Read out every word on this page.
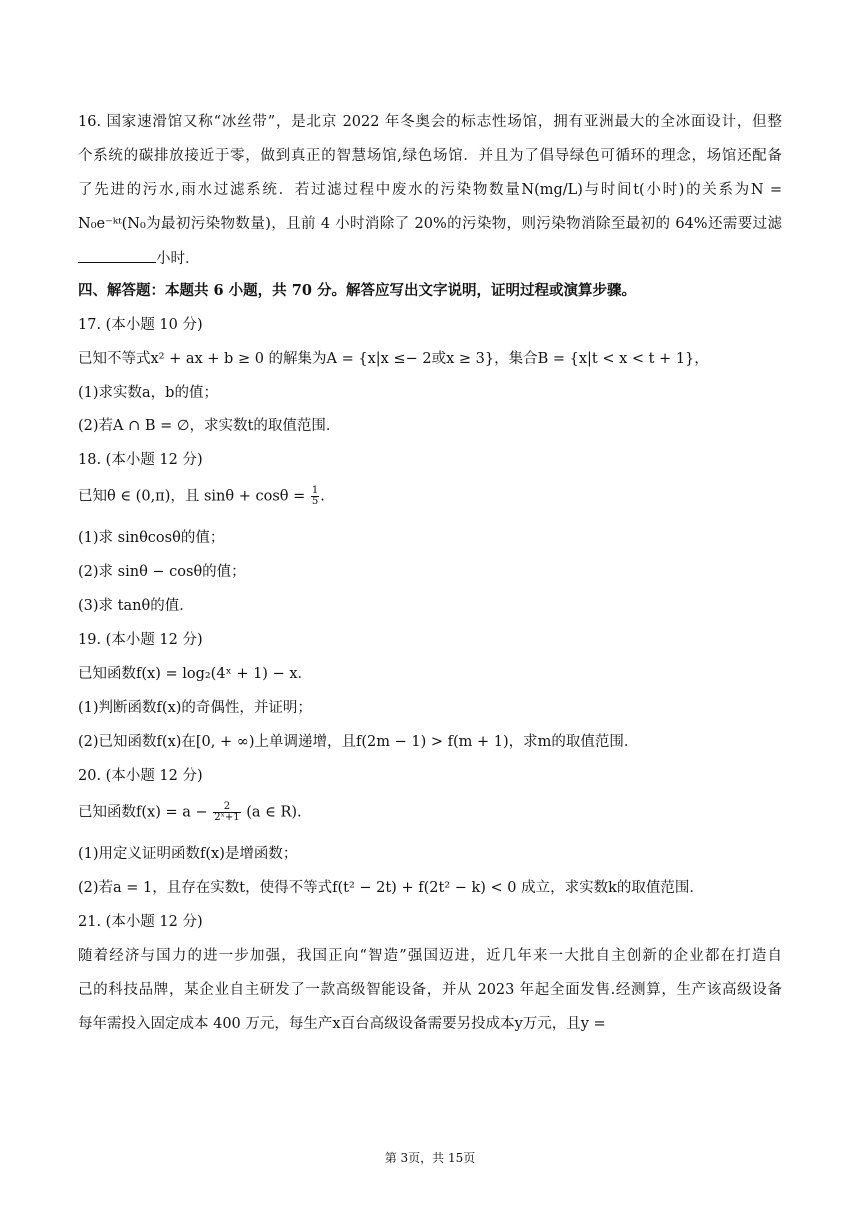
16. 国家速滑馆又称“冰丝带”，是北京 2022 年冬奥会的标志性场馆，拥有亚洲最大的全冰面设计，但整
个系统的碳排放接近于零，做到真正的智慧场馆,绿色场馆．并且为了倡导绿色可循环的理念，场馆还配备
了先进的污水,雨水过滤系统．若过滤过程中废水的污染物数量N(mg/L)与时间t(小时)的关系为N =
N₀e⁻ᵏᵗ(N₀为最初污染物数量)，且前 4 小时消除了 20%的污染物，则污染物消除至最初的 64%还需要过滤
小时．
四、解答题：本题共 6 小题，共 70 分。解答应写出文字说明，证明过程或演算步骤。
17. (本小题 10 分)
已知不等式x² + ax + b ≥ 0 的解集为A = {x|x ≤− 2或x ≥ 3}，集合B = {x|t < x < t + 1}，
(1)求实数a，b的值；
(2)若A ∩ B = ∅，求实数t的取值范围．
18. (本小题 12 分)
已知θ ∈ (0,π)，且 $\sin\theta + \cos\theta = \frac{1}{5}$ .
(1)求 sinθcosθ的值；
(2)求 sinθ − cosθ的值；
(3)求 tanθ的值．
19. (本小题 12 分)
已知函数f(x) = log₂(4ˣ + 1) − x．
(1)判断函数f(x)的奇偶性，并证明；
(2)已知函数f(x)在[0, + ∞)上单调递增，且f(2m − 1) > f(m + 1)，求m的取值范围．
20. (本小题 12 分)
已知函数$f(x) = a - \frac{2}{\text{2ˣ+1}} (a$ ∈ R).
(1)用定义证明函数f(x)是增函数；
(2)若a = 1，且存在实数t，使得不等式f(t² − 2t) + f(2t² − k) < 0 成立，求实数k的取值范围．
21. (本小题 12 分)
随着经济与国力的进一步加强，我国正向“智造”强国迈进，近几年来一大批自主创新的企业都在打造自
己的科技品牌，某企业自主研发了一款高级智能设备，并从 2023 年起全面发售.经测算，生产该高级设备
每年需投入固定成本 400 万元，每生产x百台高级设备需要另投成本y万元，且y =
第 3页，共 15页
